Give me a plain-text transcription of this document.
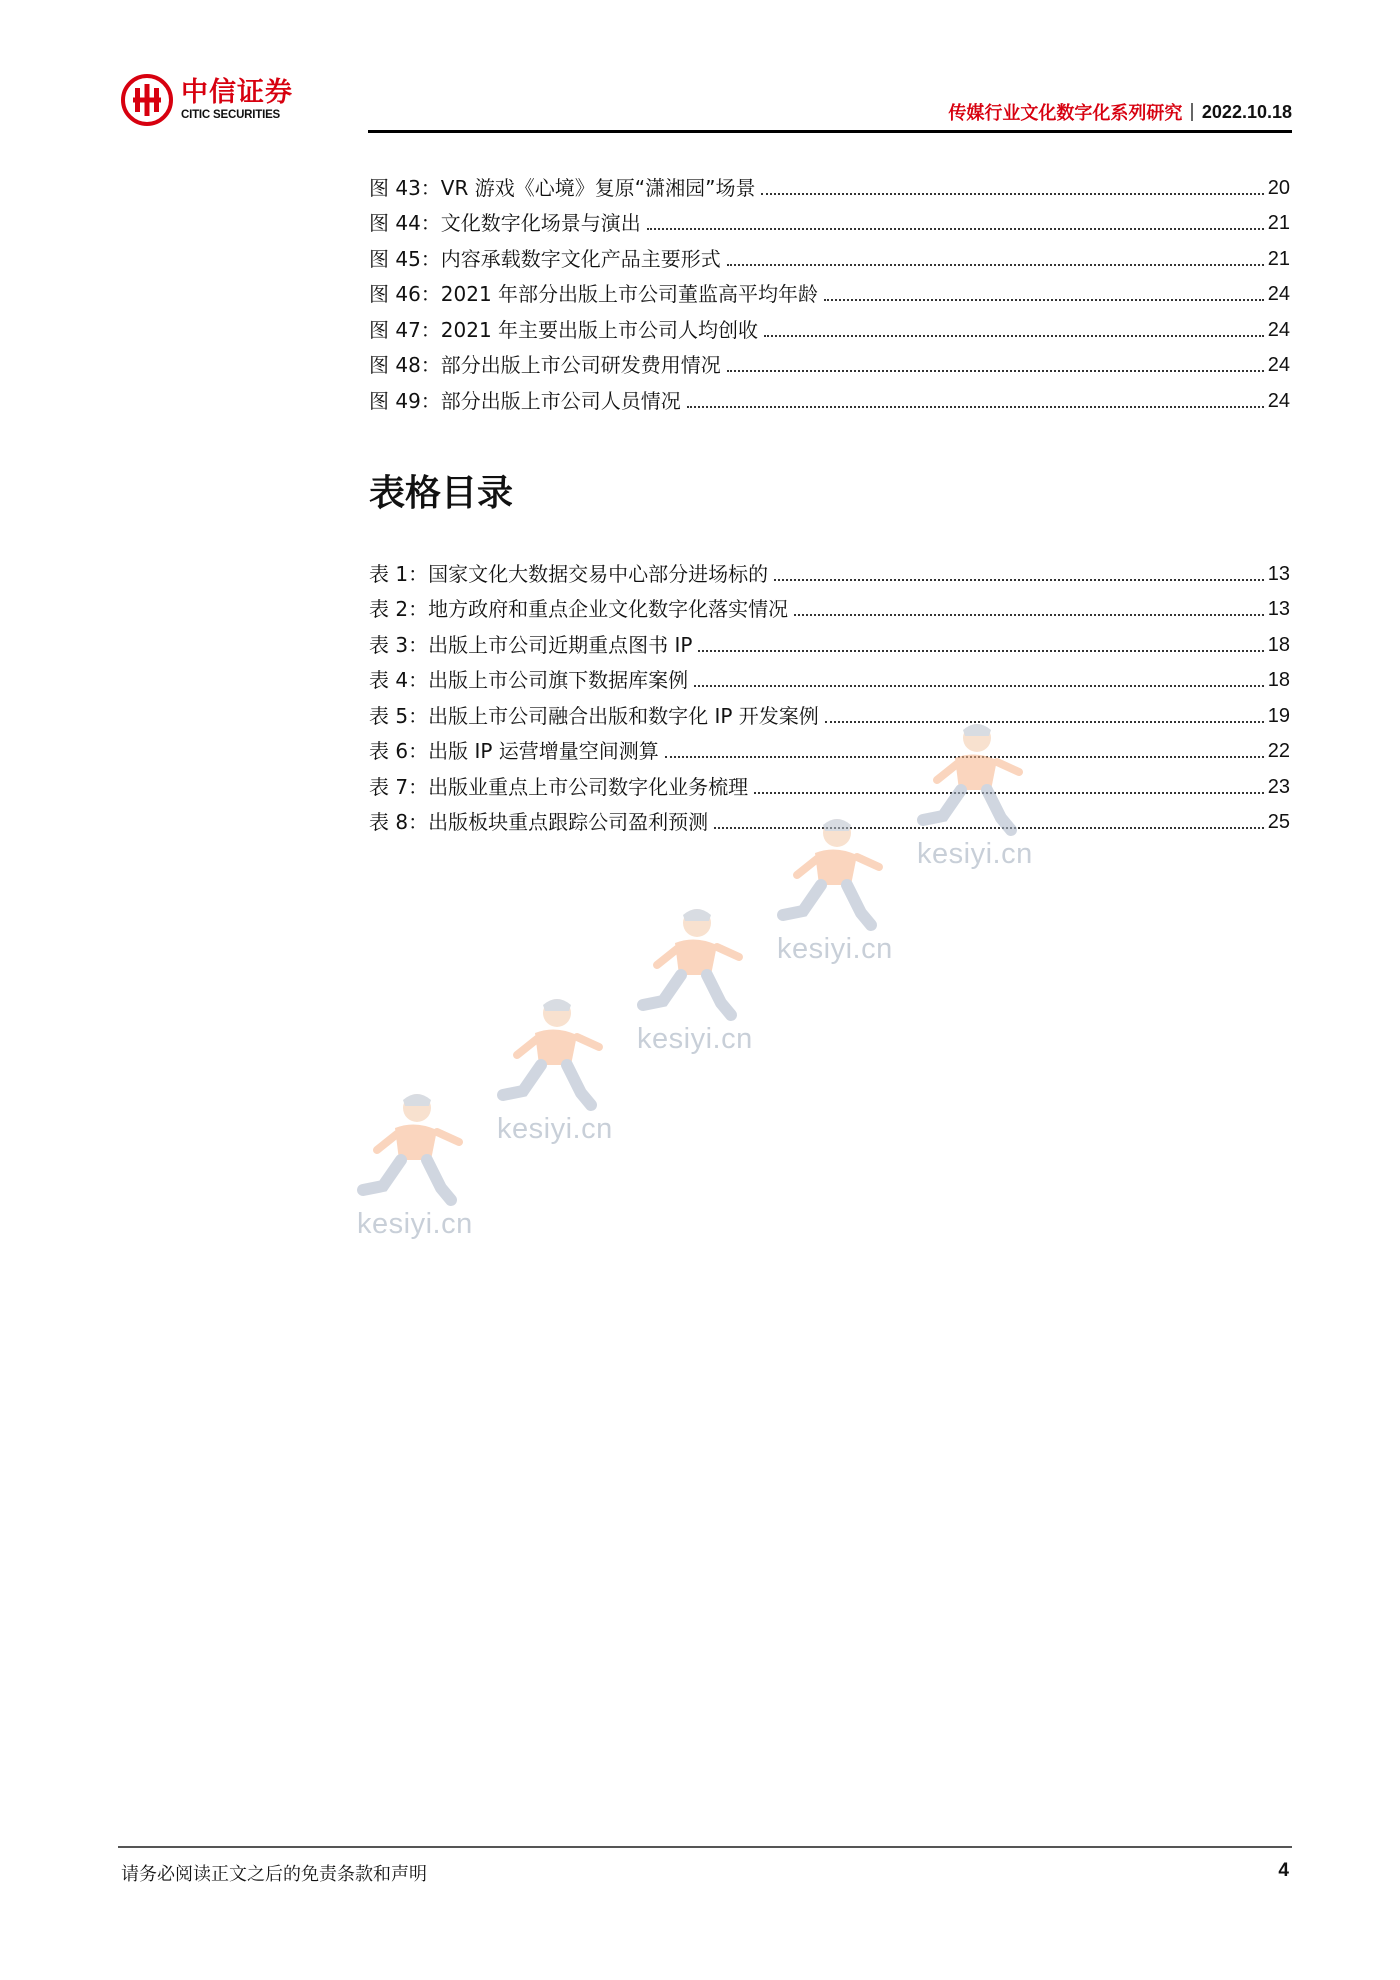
中信证券
CITIC SECURITIES	传媒行业文化数字化系列研究 2022.10.18
图 43：VR 游戏《心境》复原“潇湘园”场景	20
图 44：文化数字化场景与演出	21
图 45：内容承载数字文化产品主要形式	21
图 46：2021 年部分出版上市公司董监高平均年龄	24
图 47：2021 年主要出版上市公司人均创收	24
图 48：部分出版上市公司研发费用情况	24
图 49：部分出版上市公司人员情况	24
表格目录
表 1：国家文化大数据交易中心部分进场标的	13
表 2：地方政府和重点企业文化数字化落实情况	13
表 3：出版上市公司近期重点图书 IP	18
表 4：出版上市公司旗下数据库案例	18
表 5：出版上市公司融合出版和数字化 IP 开发案例	19
表 6：出版 IP 运营增量空间测算	22
表 7：出版业重点上市公司数字化业务梳理	23
表 8：出版板块重点跟踪公司盈利预测	25
kesiyi.cn
kesiyi.cn
kesiyi.cn
kesiyi.cn
kesiyi.cn
请务必阅读正文之后的免责条款和声明	4
